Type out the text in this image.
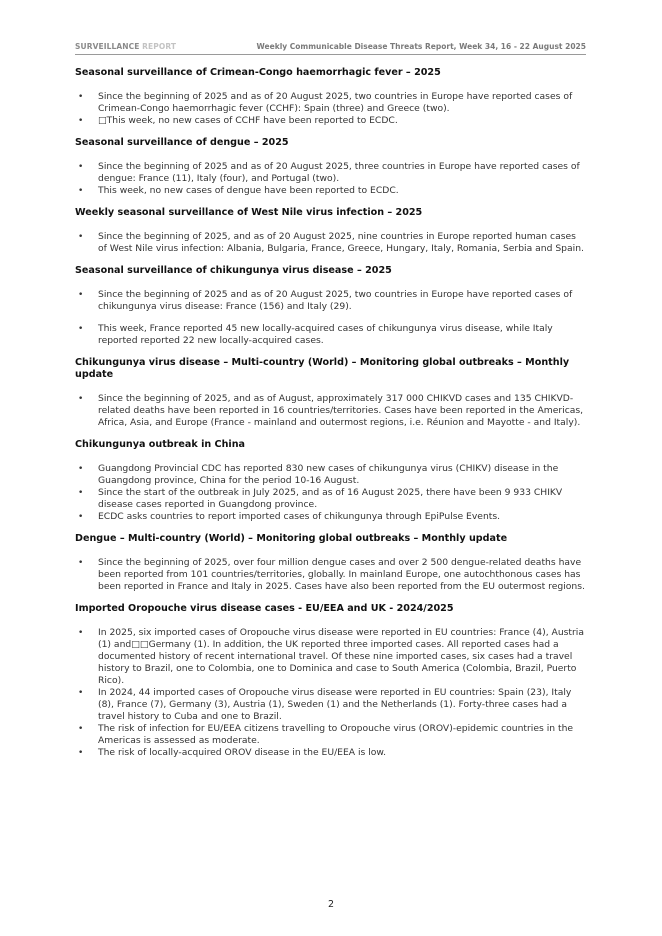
SURVEILLANCE REPORT	Weekly Communicable Disease Threats Report, Week 34, 16 - 22 August 2025
Seasonal surveillance of Crimean-Congo haemorrhagic fever – 2025
• Since the beginning of 2025 and as of 20 August 2025, two countries in Europe have reported cases of Crimean-Congo haemorrhagic fever (CCHF): Spain (three) and Greece (two).
• □This week, no new cases of CCHF have been reported to ECDC.
Seasonal surveillance of dengue – 2025
• Since the beginning of 2025 and as of 20 August 2025, three countries in Europe have reported cases of dengue: France (11), Italy (four), and Portugal (two).
• This week, no new cases of dengue have been reported to ECDC.
Weekly seasonal surveillance of West Nile virus infection – 2025
• Since the beginning of 2025, and as of 20 August 2025, nine countries in Europe reported human cases of West Nile virus infection: Albania, Bulgaria, France, Greece, Hungary, Italy, Romania, Serbia and Spain.
Seasonal surveillance of chikungunya virus disease – 2025
• Since the beginning of 2025 and as of 20 August 2025, two countries in Europe have reported cases of chikungunya virus disease: France (156) and Italy (29).
• This week, France reported 45 new locally-acquired cases of chikungunya virus disease, while Italy reported reported 22 new locally-acquired cases.
Chikungunya virus disease – Multi-country (World) – Monitoring global outbreaks – Monthly update
• Since the beginning of 2025, and as of August, approximately 317 000 CHIKVD cases and 135 CHIKVD-related deaths have been reported in 16 countries/territories. Cases have been reported in the Americas, Africa, Asia, and Europe (France - mainland and outermost regions, i.e. Réunion and Mayotte - and Italy).
Chikungunya outbreak in China
• Guangdong Provincial CDC has reported 830 new cases of chikungunya virus (CHIKV) disease in the Guangdong province, China for the period 10-16 August.
• Since the start of the outbreak in July 2025, and as of 16 August 2025, there have been 9 933 CHIKV disease cases reported in Guangdong province.
• ECDC asks countries to report imported cases of chikungunya through EpiPulse Events.
Dengue – Multi-country (World) – Monitoring global outbreaks – Monthly update
• Since the beginning of 2025, over four million dengue cases and over 2 500 dengue-related deaths have been reported from 101 countries/territories, globally. In mainland Europe, one autochthonous cases has been reported in France and Italy in 2025. Cases have also been reported from the EU outermost regions.
Imported Oropouche virus disease cases - EU/EEA and UK - 2024/2025
• In 2025, six imported cases of Oropouche virus disease were reported in EU countries: France (4), Austria (1) and□□Germany (1). In addition, the UK reported three imported cases. All reported cases had a documented history of recent international travel. Of these nine imported cases, six cases had a travel history to Brazil, one to Colombia, one to Dominica and case to South America (Colombia, Brazil, Puerto Rico).
• In 2024, 44 imported cases of Oropouche virus disease were reported in EU countries: Spain (23), Italy (8), France (7), Germany (3), Austria (1), Sweden (1) and the Netherlands (1). Forty-three cases had a travel history to Cuba and one to Brazil.
• The risk of infection for EU/EEA citizens travelling to Oropouche virus (OROV)-epidemic countries in the Americas is assessed as moderate.
• The risk of locally-acquired OROV disease in the EU/EEA is low.
2
